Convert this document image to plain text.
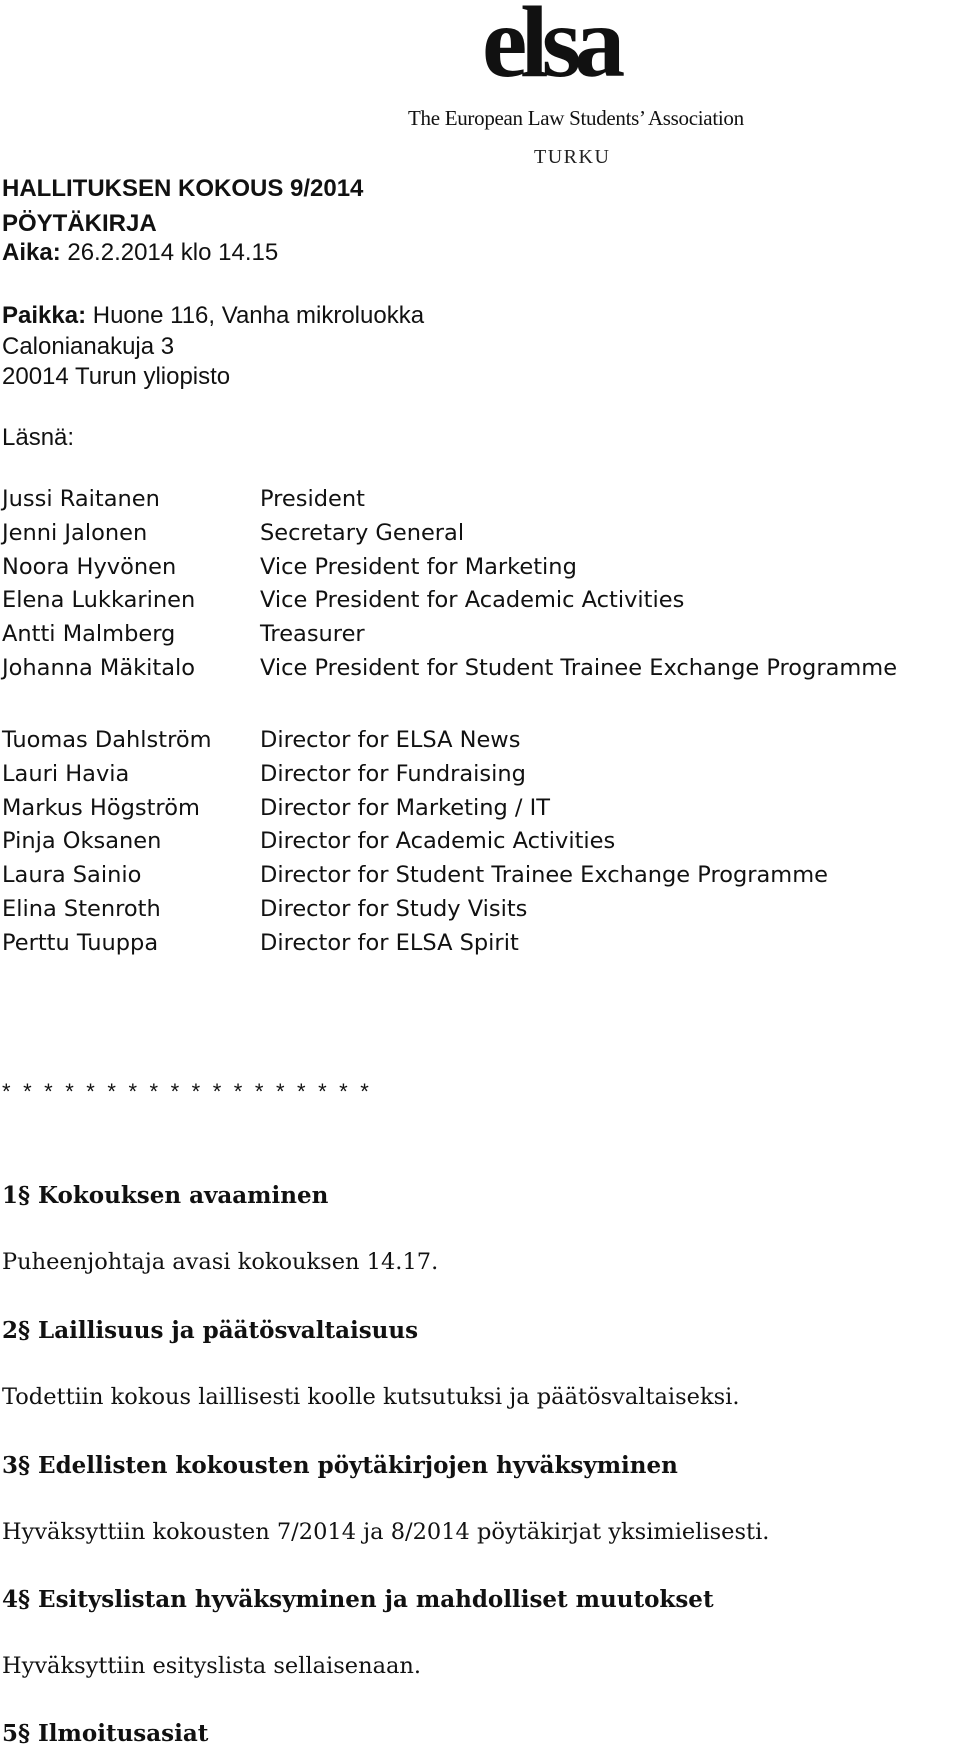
elsa
The European Law Students’ Association
TURKU
HALLITUKSEN KOKOUS 9/2014
PÖYTÄKIRJA
Aika: 26.2.2014 klo 14.15
Paikka: Huone 116, Vanha mikroluokka
Calonianakuja 3
20014 Turun yliopisto
Läsnä:
Jussi Raitanen	President
Jenni Jalonen	Secretary General
Noora Hyvönen	Vice President for Marketing
Elena Lukkarinen	Vice President for Academic Activities
Antti Malmberg	Treasurer
Johanna Mäkitalo	Vice President for Student Trainee Exchange Programme
Tuomas Dahlström Director for ELSA News
Lauri Havia	Director for Fundraising
Markus Högström	Director for Marketing / IT
Pinja Oksanen	Director for Academic Activities
Laura Sainio	Director for Student Trainee Exchange Programme
Elina Stenroth	Director for Study Visits
Perttu Tuuppa	Director for ELSA Spirit
* * * * * * * * * * * * * * * * * *
1§ Kokouksen avaaminen
Puheenjohtaja avasi kokouksen 14.17.
2§ Laillisuus ja päätösvaltaisuus
Todettiin kokous laillisesti koolle kutsutuksi ja päätösvaltaiseksi.
3§ Edellisten kokousten pöytäkirjojen hyväksyminen
Hyväksyttiin kokousten 7/2014 ja 8/2014 pöytäkirjat yksimielisesti.
4§ Esityslistan hyväksyminen ja mahdolliset muutokset
Hyväksyttiin esityslista sellaisenaan.
5§ Ilmoitusasiat
